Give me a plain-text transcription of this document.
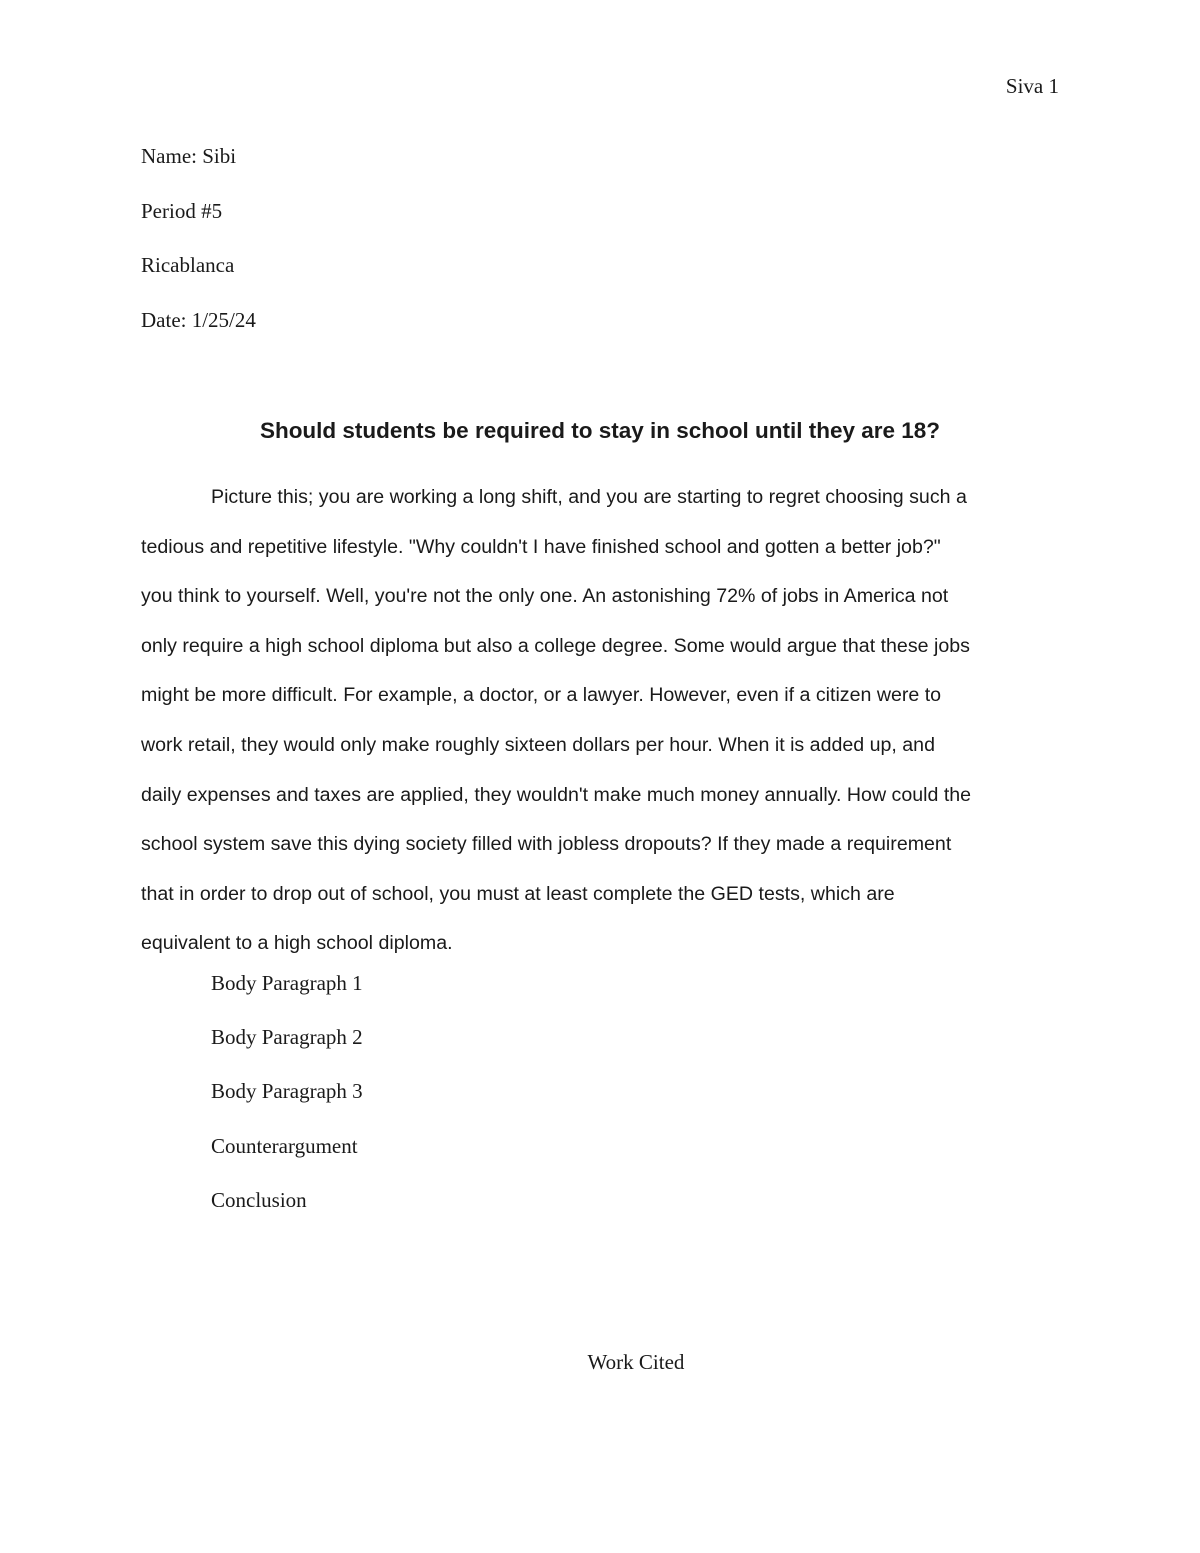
Siva 1
Name: Sibi
Period #5
Ricablanca
Date: 1/25/24
Should students be required to stay in school until they are 18?
Picture this; you are working a long shift, and you are starting to regret choosing such a
tedious and repetitive lifestyle. "Why couldn't I have finished school and gotten a better job?"
you think to yourself. Well, you're not the only one. An astonishing 72% of jobs in America not
only require a high school diploma but also a college degree. Some would argue that these jobs
might be more difficult. For example, a doctor, or a lawyer. However, even if a citizen were to
work retail, they would only make roughly sixteen dollars per hour. When it is added up, and
daily expenses and taxes are applied, they wouldn't make much money annually. How could the
school system save this dying society filled with jobless dropouts? If they made a requirement
that in order to drop out of school, you must at least complete the GED tests, which are
equivalent to a high school diploma.
Body Paragraph 1
Body Paragraph 2
Body Paragraph 3
Counterargument
Conclusion
Work Cited
